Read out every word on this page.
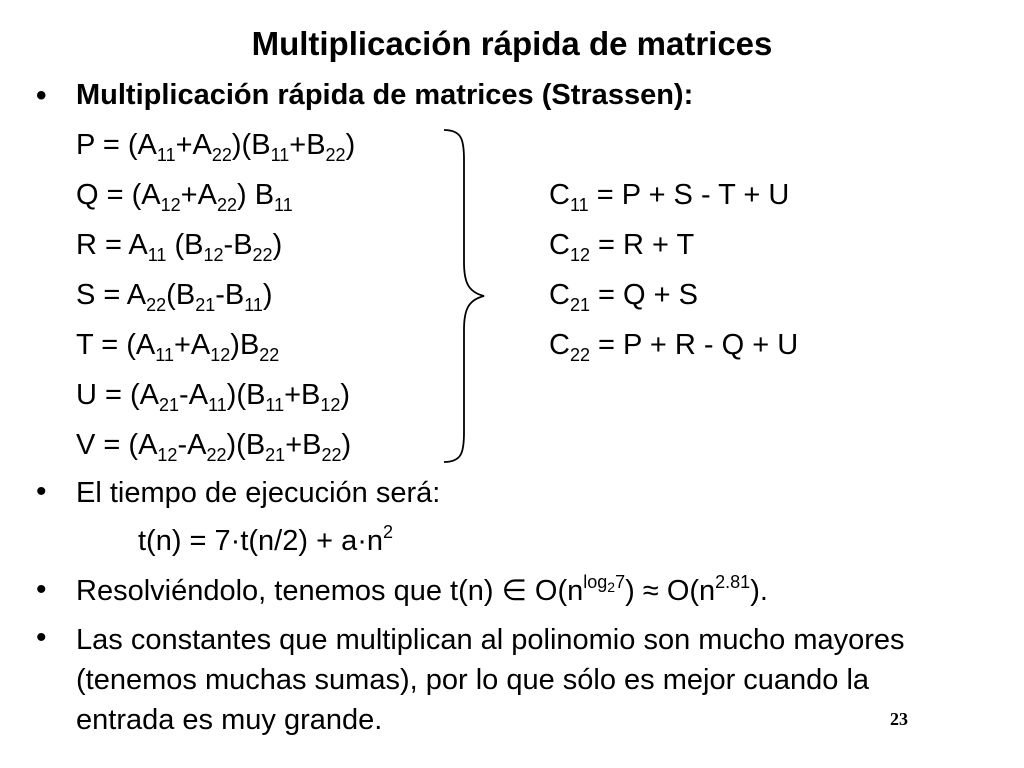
Multiplicación rápida de matrices
• Multiplicación rápida de matrices (Strassen):
$P = (A_{11}+A_{22})(B_{11}+B_{22})$
$Q = (A_{12}+A_{22})$ $B_{11}$
$R = A_{11}$ $(B_{12}-B_{22})$
$S = A_{22}(B_{21}-B_{11})$
$T = (A_{11}+A_{12})B_{22}$
$U = (A_{21}-A_{11})(B_{11}+B_{12})$
$V = (A_{12}-A_{22})(B_{21}+B_{22})$
$C_{11} = P + S - T + U$
$C_{12} = R + T$
$C_{21} = Q + S$
$C_{22} = P + R - Q + U$
• El tiempo de ejecución será:
$t(n) = 7\cdot t(n/2) + a\cdot n^2$
• Resolviéndolo, tenemos que t(n) ∈ $O(n^{log_27}) \approx O(n^{2.81})$.
• Las constantes que multiplican al polinomio son mucho mayores (tenemos muchas sumas), por lo que sólo es mejor cuando la entrada es muy grande.	23
